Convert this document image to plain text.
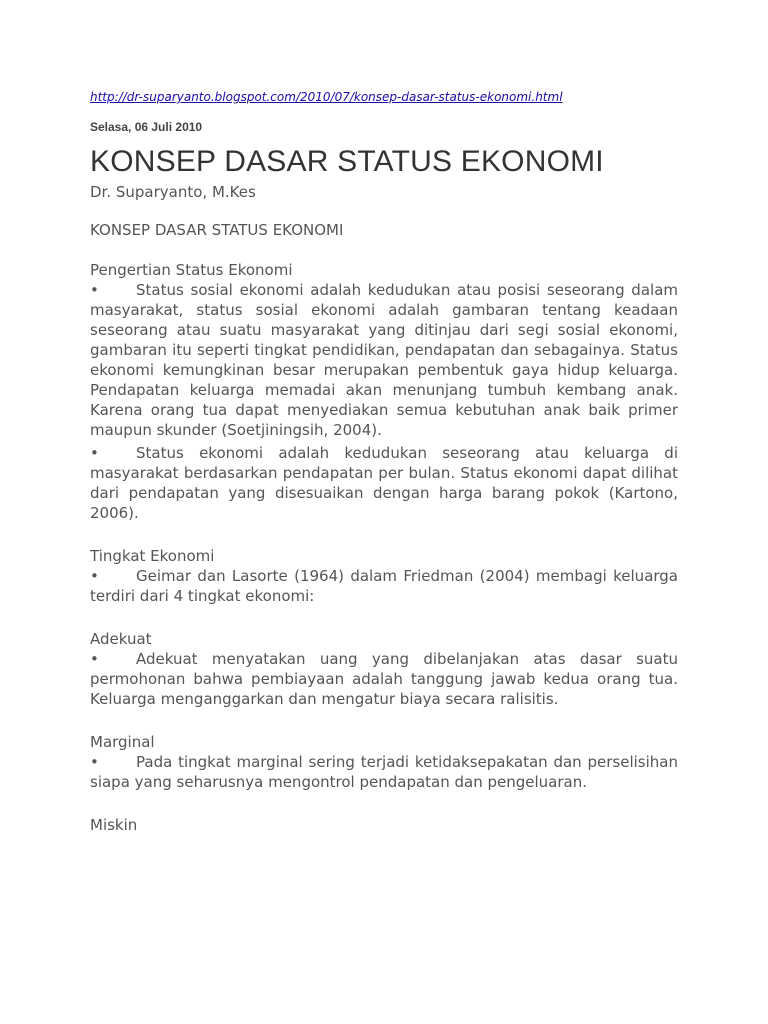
http://dr-suparyanto.blogspot.com/2010/07/konsep-dasar-status-ekonomi.html
Selasa, 06 Juli 2010
KONSEP DASAR STATUS EKONOMI
Dr. Suparyanto, M.Kes
KONSEP DASAR STATUS EKONOMI
Pengertian Status Ekonomi

• Status sosial ekonomi adalah kedudukan atau posisi seseorang dalam masyarakat, status sosial ekonomi adalah gambaran tentang keadaan seseorang atau suatu masyarakat yang ditinjau dari segi sosial ekonomi, gambaran itu seperti tingkat pendidikan, pendapatan dan sebagainya. Status ekonomi kemungkinan besar merupakan pembentuk gaya hidup keluarga. Pendapatan keluarga memadai akan menunjang tumbuh kembang anak. Karena orang tua dapat menyediakan semua kebutuhan anak baik primer maupun skunder (Soetjiningsih, 2004).

• Status ekonomi adalah kedudukan seseorang atau keluarga di masyarakat berdasarkan pendapatan per bulan. Status ekonomi dapat dilihat dari pendapatan yang disesuaikan dengan harga barang pokok (Kartono, 2006).

Tingkat Ekonomi

• Geimar dan Lasorte (1964) dalam Friedman (2004) membagi keluarga terdiri dari 4 tingkat ekonomi:

Adekuat

• Adekuat menyatakan uang yang dibelanjakan atas dasar suatu permohonan bahwa pembiayaan adalah tanggung jawab kedua orang tua. Keluarga menganggarkan dan mengatur biaya secara ralisitis.

Marginal

• Pada tingkat marginal sering terjadi ketidaksepakatan dan perselisihan siapa yang seharusnya mengontrol pendapatan dan pengeluaran.

Miskin
